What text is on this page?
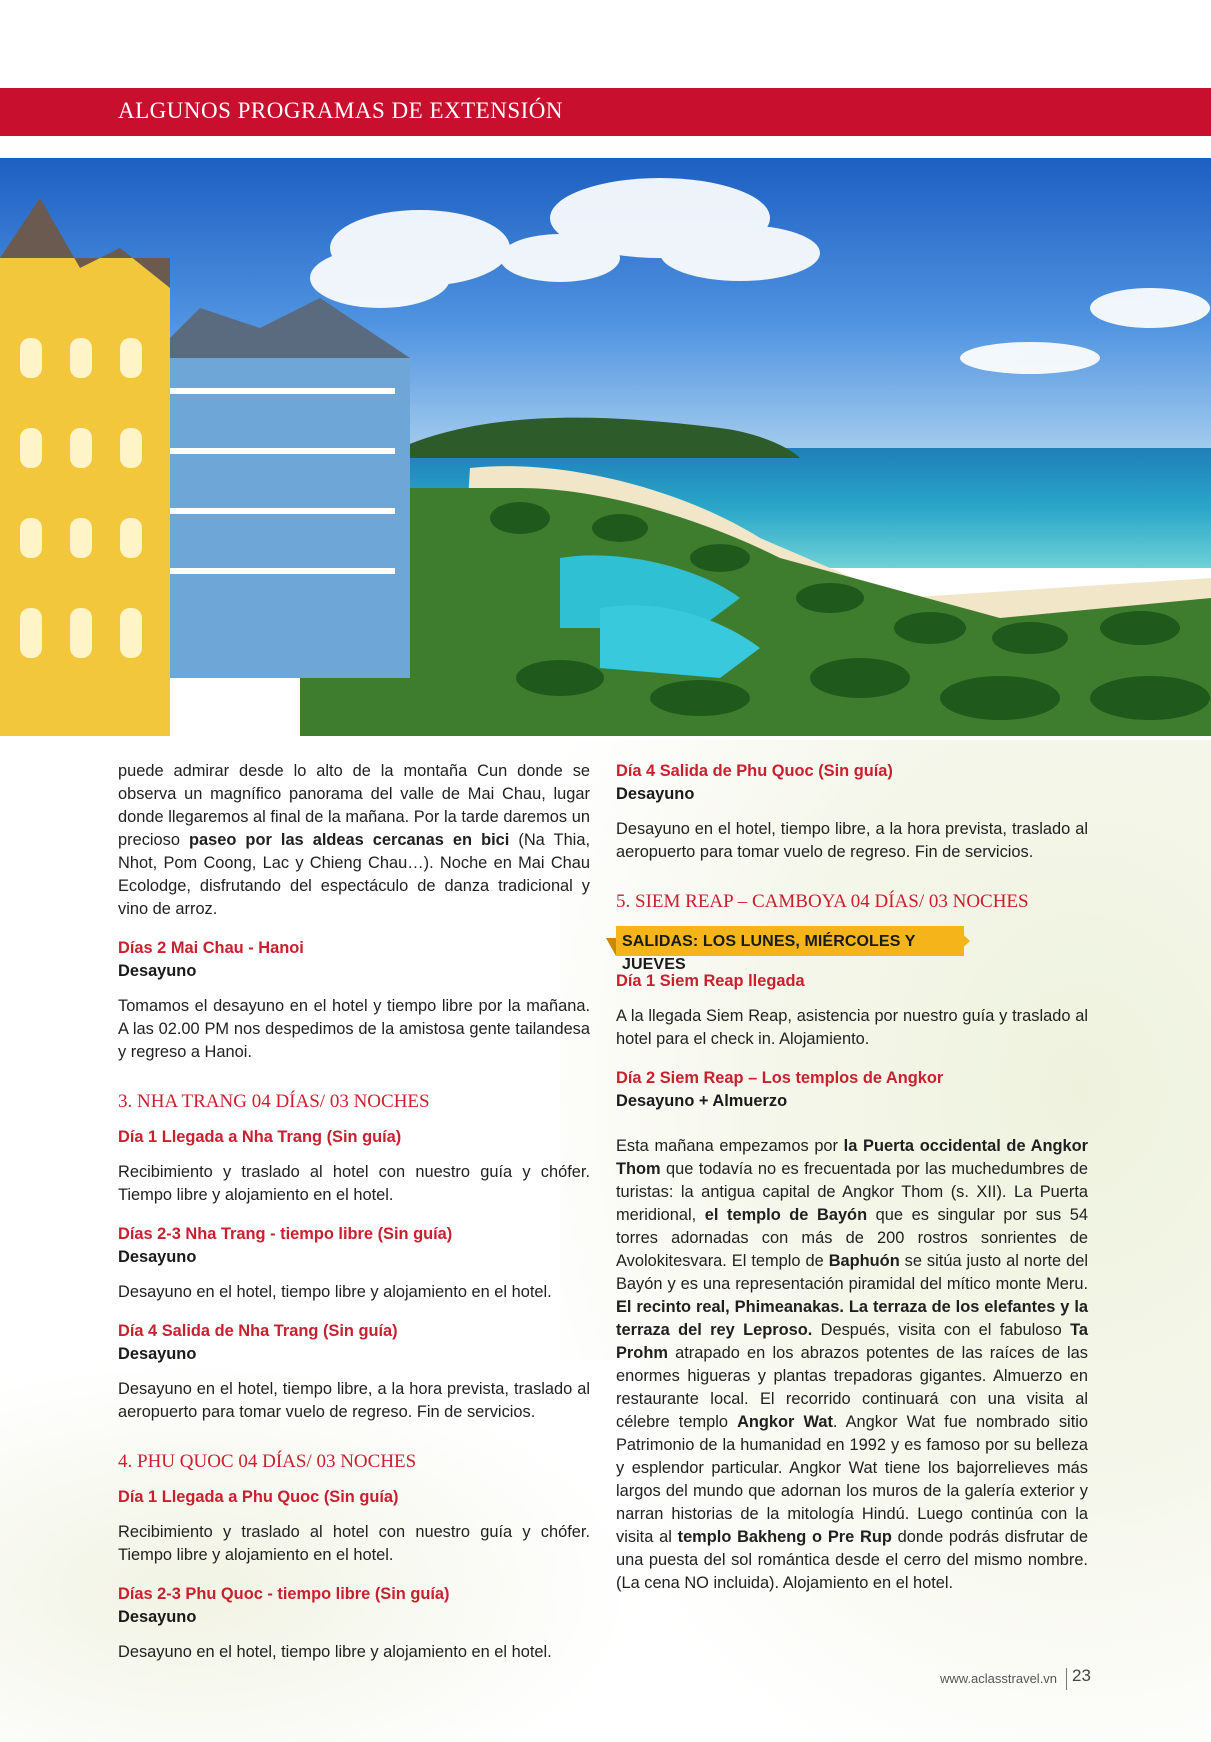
ALGUNOS PROGRAMAS DE EXTENSIÓN

puede admirar desde lo alto de la montaña Cun donde se observa un magnífico panorama del valle de Mai Chau, lugar donde llegaremos al final de la mañana. Por la tarde daremos un precioso paseo por las aldeas cercanas en bici (Na Thia, Nhot, Pom Coong, Lac y Chieng Chau…). Noche en Mai Chau Ecolodge, disfrutando del espectáculo de danza tradicional y vino de arroz.

Días 2 Mai Chau - Hanoi
Desayuno

Tomamos el desayuno en el hotel y tiempo libre por la mañana. A las 02.00 PM nos despedimos de la amistosa gente tailandesa y regreso a Hanoi.

3. NHA TRANG 04 DÍAS/ 03 NOCHES
Día 1 Llegada a Nha Trang (Sin guía)

Recibimiento y traslado al hotel con nuestro guía y chófer. Tiempo libre y alojamiento en el hotel.

Días 2-3 Nha Trang - tiempo libre (Sin guía)
Desayuno

Desayuno en el hotel, tiempo libre y alojamiento en el hotel.

Día 4 Salida de Nha Trang (Sin guía)
Desayuno

Desayuno en el hotel, tiempo libre, a la hora prevista, traslado al aeropuerto para tomar vuelo de regreso. Fin de servicios.

4. PHU QUOC 04 DÍAS/ 03 NOCHES
Día 1 Llegada a Phu Quoc (Sin guía)

Recibimiento y traslado al hotel con nuestro guía y chófer. Tiempo libre y alojamiento en el hotel.

Días 2-3 Phu Quoc - tiempo libre (Sin guía)
Desayuno

Desayuno en el hotel, tiempo libre y alojamiento en el hotel.

Día 4 Salida de Phu Quoc (Sin guía)
Desayuno

Desayuno en el hotel, tiempo libre, a la hora prevista, traslado al aeropuerto para tomar vuelo de regreso. Fin de servicios.

5. SIEM REAP – CAMBOYA 04 DÍAS/ 03 NOCHES
SALIDAS: LOS LUNES, MIÉRCOLES Y JUEVES
Día 1 Siem Reap llegada

A la llegada Siem Reap, asistencia por nuestro guía y traslado al hotel para el check in. Alojamiento.

Día 2 Siem Reap – Los templos de Angkor
Desayuno + Almuerzo

Esta mañana empezamos por la Puerta occidental de Angkor Thom que todavía no es frecuentada por las muchedumbres de turistas: la antigua capital de Angkor Thom (s. XII). La Puerta meridional, el templo de Bayón que es singular por sus 54 torres adornadas con más de 200 rostros sonrientes de Avolokitesvara. El templo de Baphuón se sitúa justo al norte del Bayón y es una representación piramidal del mítico monte Meru. El recinto real, Phimeanakas. La terraza de los elefantes y la terraza del rey Leproso. Después, visita con el fabuloso Ta Prohm atrapado en los abrazos potentes de las raíces de las enormes higueras y plantas trepadoras gigantes. Almuerzo en restaurante local. El recorrido continuará con una visita al célebre templo Angkor Wat. Angkor Wat fue nombrado sitio Patrimonio de la humanidad en 1992 y es famoso por su belleza y esplendor particular. Angkor Wat tiene los bajorrelieves más largos del mundo que adornan los muros de la galería exterior y narran historias de la mitología Hindú. Luego continúa con la visita al templo Bakheng o Pre Rup donde podrás disfrutar de una puesta del sol romántica desde el cerro del mismo nombre. (La cena NO incluida). Alojamiento en el hotel.

www.aclasstravel.vn 23
